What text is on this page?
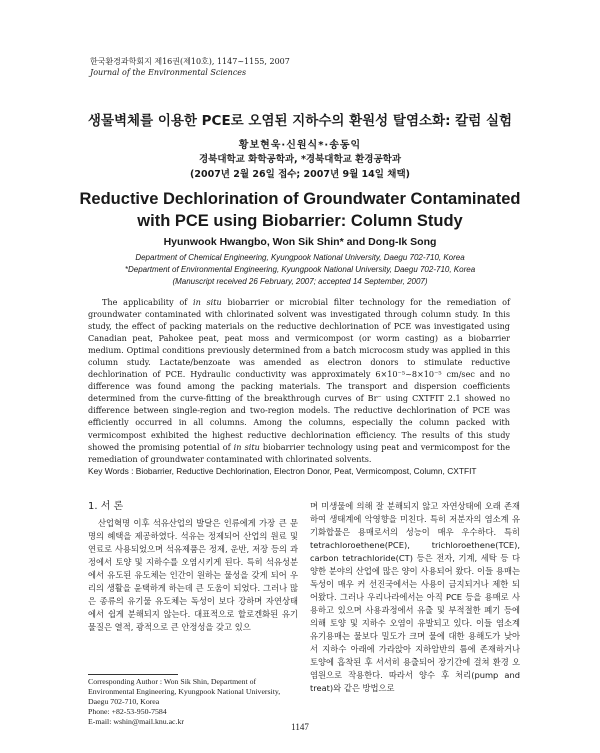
한국환경과학회지 제16권(제10호), 1147~1155, 2007
Journal of the Environmental Sciences
생물벽체를 이용한 PCE로 오염된 지하수의 환원성 탈염소화: 칼럼 실험
황보현욱·신원식*·송동익
경북대학교 화학공학과, *경북대학교 환경공학과
(2007년 2월 26일 접수; 2007년 9월 14일 채택)
Reductive Dechlorination of Groundwater Contaminated
with PCE using Biobarrier: Column Study
Hyunwook Hwangbo, Won Sik Shin* and Dong-Ik Song
Department of Chemical Engineering, Kyungpook National University, Daegu 702-710, Korea
*Department of Environmental Engineering, Kyungpook National University, Daegu 702-710, Korea
(Manuscript received 26 February, 2007; accepted 14 September, 2007)
The applicability of in situ biobarrier or microbial filter technology for the remediation of groundwater contaminated with chlorinated solvent was investigated through column study. In this study, the effect of packing materials on the reductive dechlorination of PCE was investigated using Canadian peat, Pahokee peat, peat moss and vermicompost (or worm casting) as a biobarrier medium. Optimal conditions previously determined from a batch microcosm study was applied in this column study. Lactate/benzoate was amended as electron donors to stimulate reductive dechlorination of PCE. Hydraulic conductivity was approximately 6×10⁻⁵~8×10⁻⁵ cm/sec and no difference was found among the packing materials. The transport and dispersion coefficients determined from the curve-fitting of the breakthrough curves of Br⁻ using CXTFIT 2.1 showed no difference between single-region and two-region models. The reductive dechlorination of PCE was efficiently occurred in all columns. Among the columns, especially the column packed with vermicompost exhibited the highest reductive dechlorination efficiency. The results of this study showed the promising potential of in situ biobarrier technology using peat and vermicompost for the remediation of groundwater contaminated with chlorinated solvents.
Key Words : Biobarrier, Reductive Dechlorination, Electron Donor, Peat, Vermicompost, Column, CXTFIT
1. 서 론
산업혁명 이후 석유산업의 발달은 인류에게 가장 큰 문명의 혜택을 제공하였다. 석유는 정제되어 산업의 원료 및 연료로 사용되었으며 석유제품은 정제, 운반, 저장 등의 과정에서 토양 및 지하수를 오염시키게 된다. 특히 석유성분에서 유도된 유도체는 인간이 원하는 물성을 갖게 되어 우리의 생활을 윤택하게 하는데 큰 도움이 되었다. 그러나 많은 종류의 유기물 유도체는 독성이 보다 강하며 자연상태에서 쉽게 분해되지 않는다. 대표적으로 할로겐화된 유기물질은 열적, 광적으로 큰 안정성을 갖고 있으
며 미생물에 의해 잘 분해되지 않고 자연상태에 오래 존재하여 생태계에 악영향을 미친다. 특히 저분자의 염소계 유기화합물은 용매로서의 성능이 매우 우수하다. 특히 tetrachloroethene(PCE), trichloroethene(TCE), carbon tetrachloride(CT) 등은 전자, 기계, 세탁 등 다양한 분야의 산업에 많은 양이 사용되어 왔다. 이들 용매는 독성이 매우 커 선진국에서는 사용이 금지되거나 제한 되어왔다. 그러나 우리나라에서는 아직 PCE 등을 용매로 사용하고 있으며 사용과정에서 유출 및 부적절한 폐기 등에 의해 토양 및 지하수 오염이 유발되고 있다. 이들 염소계 유기용매는 물보다 밀도가 크며 물에 대한 용해도가 낮아서 지하수 아래에 가라앉아 지하암반의 틈에 존재하거나 토양에 흡착된 후 서서히 용출되어 장기간에 걸쳐 환경 오염원으로 작용한다. 따라서 양수 후 처리(pump and treat)와 같은 방법으로
Corresponding Author : Won Sik Shin, Department of Environmental Engineering, Kyungpook National University, Daegu 702-710, Korea
Phone: +82-53-950-7584
E-mail: wshin@mail.knu.ac.kr
1147
